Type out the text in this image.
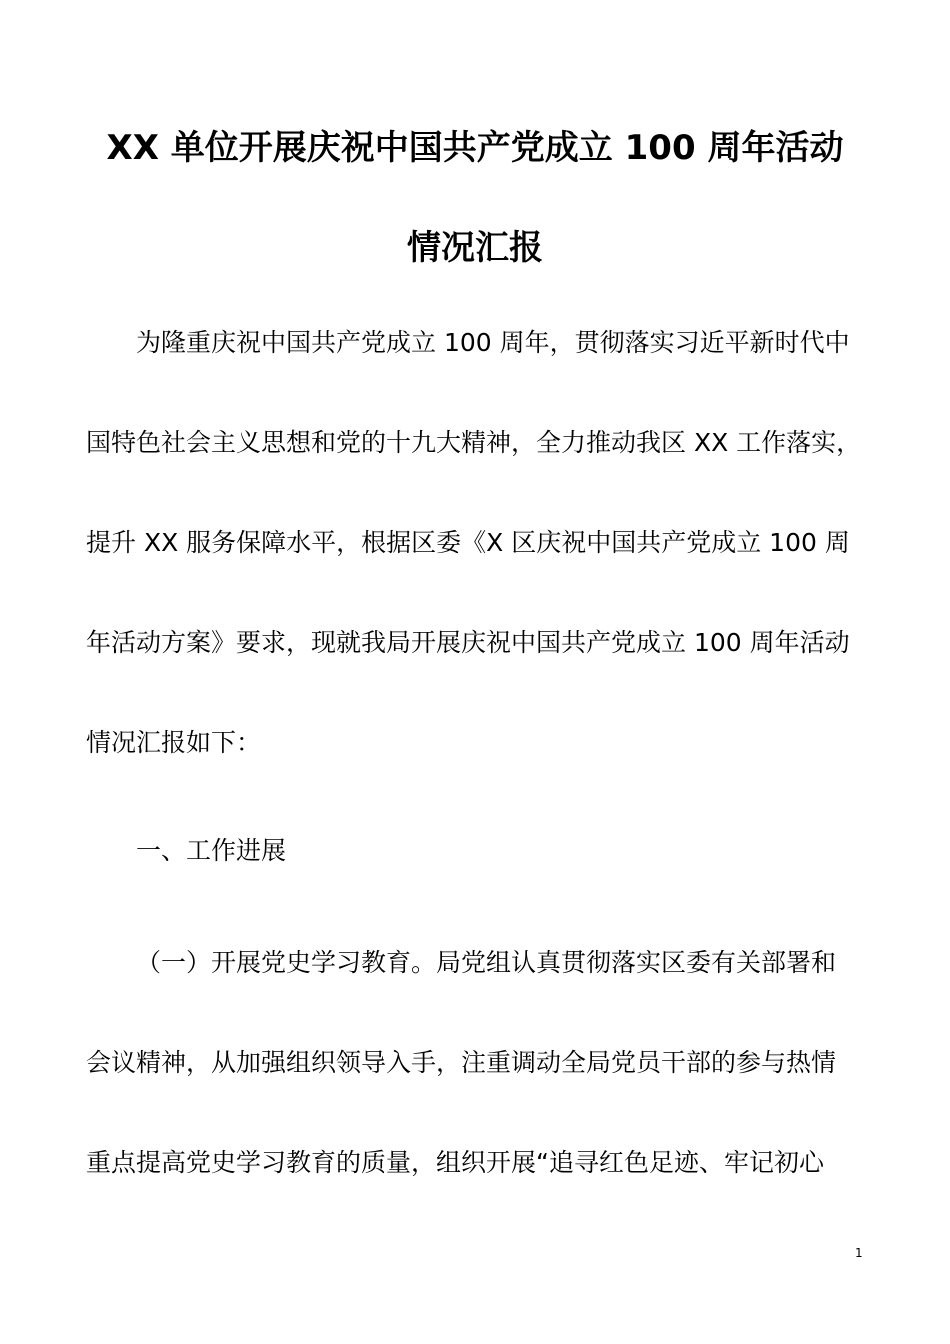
XX 单位开展庆祝中国共产党成立 100 周年活动
情况汇报
为隆重庆祝中国共产党成立 100 周年，贯彻落实习近平新时代中
国特色社会主义思想和党的十九大精神，全力推动我区 XX 工作落实，
提升 XX 服务保障水平，根据区委《X 区庆祝中国共产党成立 100 周
年活动方案》要求，现就我局开展庆祝中国共产党成立 100 周年活动
情况汇报如下：
一、工作进展
（一）开展党史学习教育。局党组认真贯彻落实区委有关部署和
会议精神，从加强组织领导入手，注重调动全局党员干部的参与热情
重点提高党史学习教育的质量，组织开展“追寻红色足迹、牢记初心
1
